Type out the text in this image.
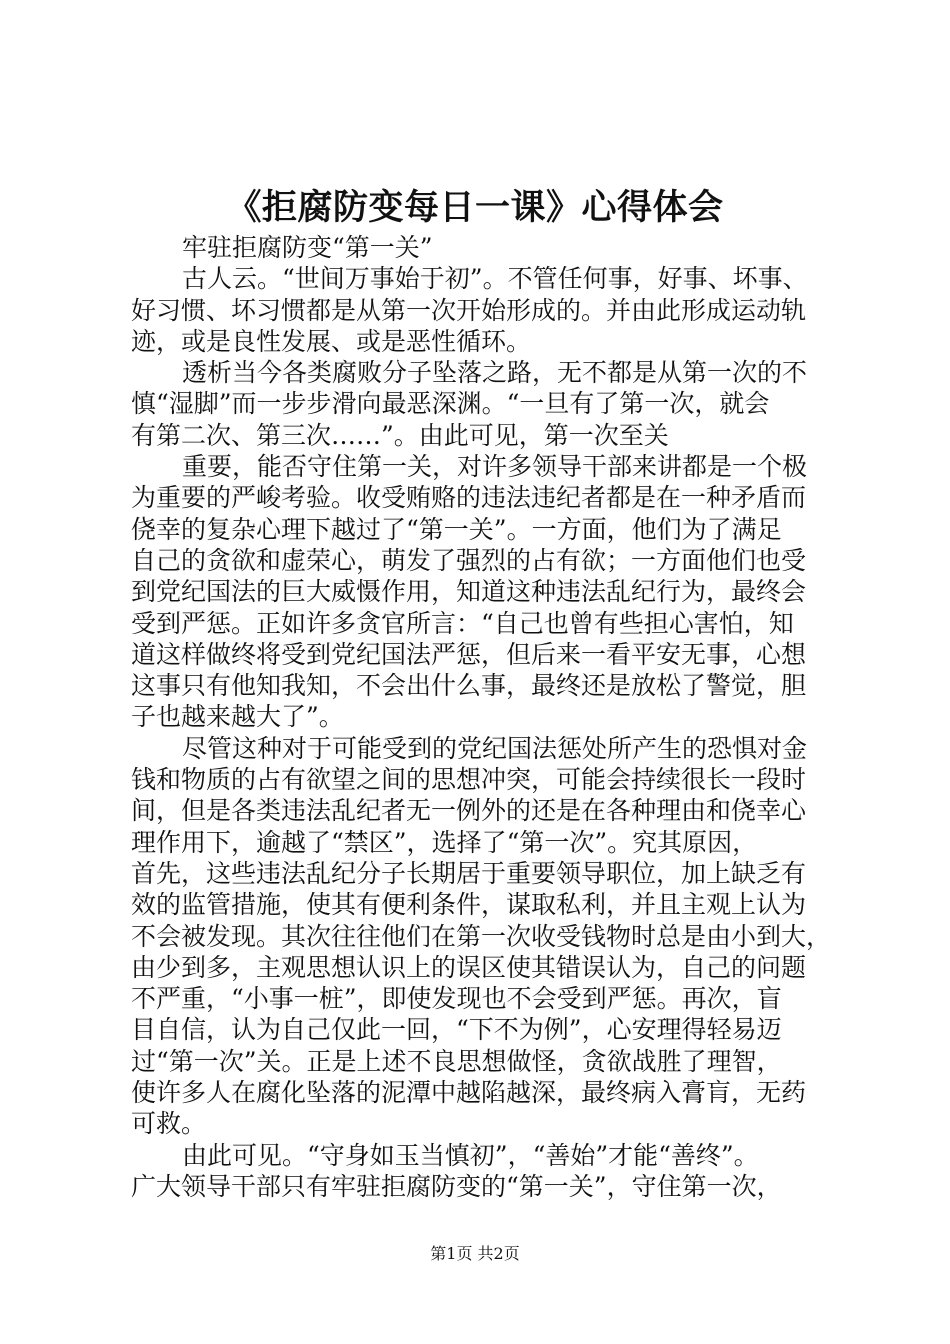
《拒腐防变每日一课》心得体会
牢驻拒腐防变“第一关”
古人云。“世间万事始于初”。不管任何事，好事、坏事、
好习惯、坏习惯都是从第一次开始形成的。并由此形成运动轨
迹，或是良性发展、或是恶性循环。
透析当今各类腐败分子坠落之路，无不都是从第一次的不
慎“湿脚”而一步步滑向最恶深渊。“一旦有了第一次，就会
有第二次、第三次……”。由此可见，第一次至关
重要，能否守住第一关，对许多领导干部来讲都是一个极
为重要的严峻考验。收受贿赂的违法违纪者都是在一种矛盾而
侥幸的复杂心理下越过了“第一关”。一方面，他们为了满足
自己的贪欲和虚荣心，萌发了强烈的占有欲；一方面他们也受
到党纪国法的巨大威慑作用，知道这种违法乱纪行为，最终会
受到严惩。正如许多贪官所言：“自己也曾有些担心害怕，知
道这样做终将受到党纪国法严惩，但后来一看平安无事，心想
这事只有他知我知，不会出什么事，最终还是放松了警觉，胆
子也越来越大了”。
尽管这种对于可能受到的党纪国法惩处所产生的恐惧对金
钱和物质的占有欲望之间的思想冲突，可能会持续很长一段时
间，但是各类违法乱纪者无一例外的还是在各种理由和侥幸心
理作用下，逾越了“禁区”，选择了“第一次”。究其原因，
首先，这些违法乱纪分子长期居于重要领导职位，加上缺乏有
效的监管措施，使其有便利条件，谋取私利，并且主观上认为
不会被发现。其次往往他们在第一次收受钱物时总是由小到大，
由少到多，主观思想认识上的误区使其错误认为，自己的问题
不严重，“小事一桩”，即使发现也不会受到严惩。再次，盲
目自信，认为自己仅此一回，“下不为例”，心安理得轻易迈
过“第一次”关。正是上述不良思想做怪，贪欲战胜了理智，
使许多人在腐化坠落的泥潭中越陷越深，最终病入膏肓，无药
可救。
由此可见。“守身如玉当慎初”，“善始”才能“善终”。
广大领导干部只有牢驻拒腐防变的“第一关”，守住第一次，
第1页 共2页
